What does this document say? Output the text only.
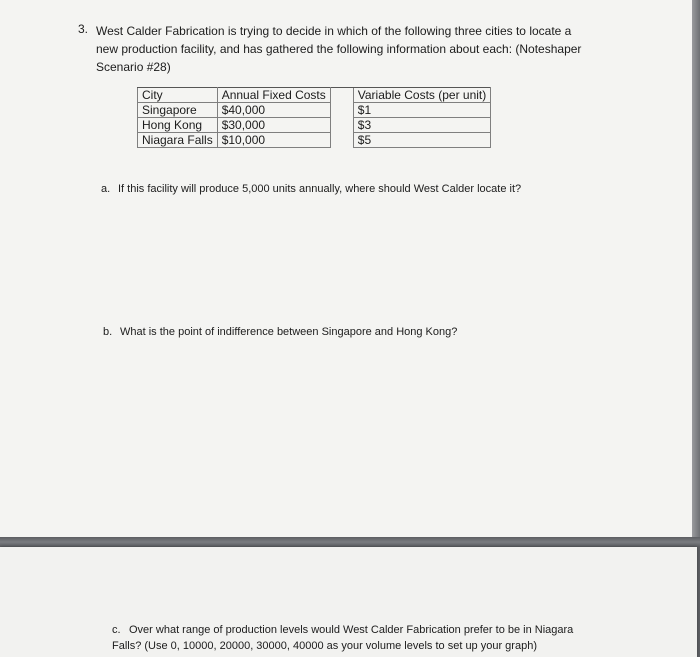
3. West Calder Fabrication is trying to decide in which of the following three cities to locate a new production facility, and has gathered the following information about each: (Noteshaper Scenario #28)
City	Annual Fixed Costs		Variable Costs (per unit)
Singapore	$40,000		$1
Hong Kong	$30,000		$3
Niagara Falls	$10,000		$5
a. If this facility will produce 5,000 units annually, where should West Calder locate it?
b. What is the point of indifference between Singapore and Hong Kong?
c. Over what range of production levels would West Calder Fabrication prefer to be in Niagara Falls? (Use 0, 10000, 20000, 30000, 40000 as your volume levels to set up your graph)
